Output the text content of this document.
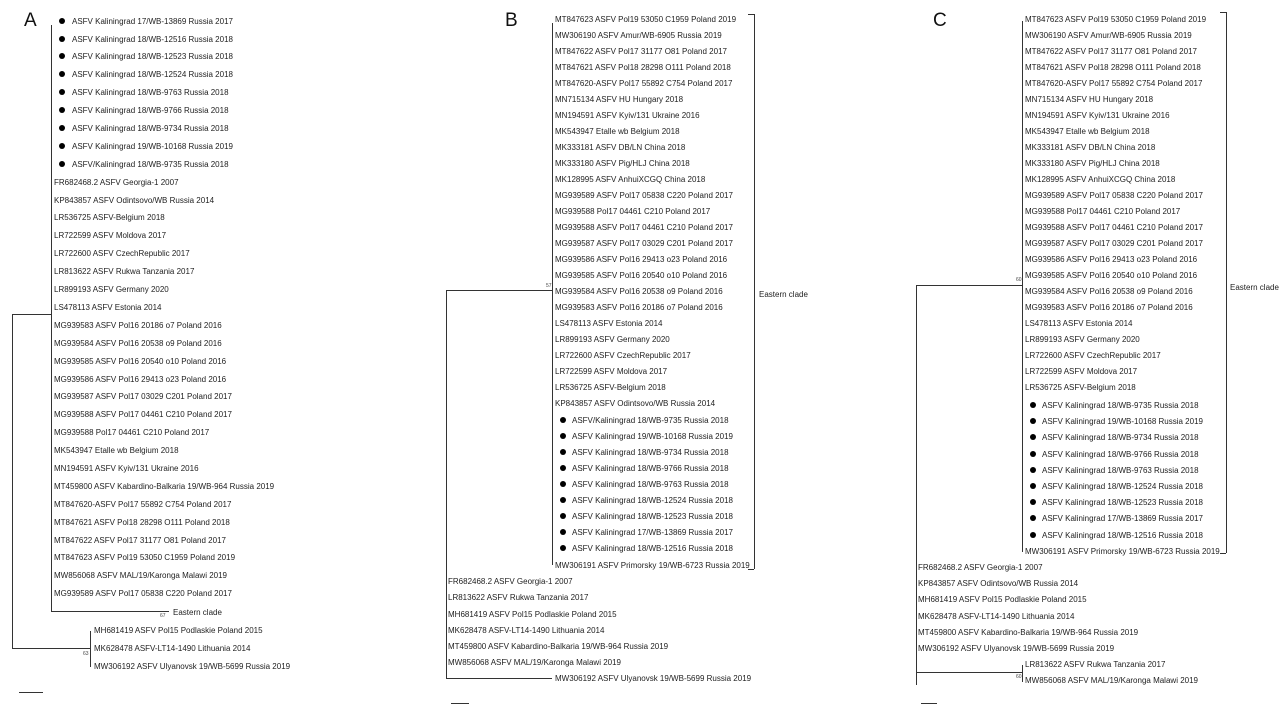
A
67
63
ASFV Kaliningrad 17/WB-13869 Russia 2017
ASFV Kaliningrad 18/WB-12516 Russia 2018
ASFV Kaliningrad 18/WB-12523 Russia 2018
ASFV Kaliningrad 18/WB-12524 Russia 2018
ASFV Kaliningrad 18/WB-9763 Russia 2018
ASFV Kaliningrad 18/WB-9766 Russia 2018
ASFV Kaliningrad 18/WB-9734 Russia 2018
ASFV Kaliningrad 19/WB-10168 Russia 2019
ASFV/Kaliningrad 18/WB-9735 Russia 2018
FR682468.2 ASFV Georgia-1 2007
KP843857 ASFV Odintsovo/WB Russia 2014
LR536725 ASFV-Belgium 2018
LR722599 ASFV Moldova 2017
LR722600 ASFV CzechRepublic 2017
LR813622 ASFV Rukwa Tanzania 2017
LR899193 ASFV Germany 2020
LS478113 ASFV Estonia 2014
MG939583 ASFV Pol16 20186 o7 Poland 2016
MG939584 ASFV Pol16 20538 o9 Poland 2016
MG939585 ASFV Pol16 20540 o10 Poland 2016
MG939586 ASFV Pol16 29413 o23 Poland 2016
MG939587 ASFV Pol17 03029 C201 Poland 2017
MG939588 ASFV Pol17 04461 C210 Poland 2017
MG939588 Pol17 04461 C210 Poland 2017
MK543947 Etalle wb Belgium 2018
MN194591 ASFV Kyiv/131 Ukraine 2016
MT459800 ASFV Kabardino-Balkaria 19/WB-964 Russia 2019
MT847620-ASFV Pol17 55892 C754 Poland 2017
MT847621 ASFV Pol18 28298 O111 Poland 2018
MT847622 ASFV Pol17 31177 O81 Poland 2017
MT847623 ASFV Pol19 53050 C1959 Poland 2019
MW856068 ASFV MAL/19/Karonga Malawi 2019
MG939589 ASFV Pol17 05838 C220 Poland 2017
Eastern clade
MH681419 ASFV Pol15 Podlaskie Poland 2015
MK628478 ASFV-LT14-1490 Lithuania 2014
MW306192 ASFV Ulyanovsk 19/WB-5699 Russia 2019
B
57
Eastern clade
MT847623 ASFV Pol19 53050 C1959 Poland 2019
MW306190 ASFV Amur/WB-6905 Russia 2019
MT847622 ASFV Pol17 31177 O81 Poland 2017
MT847621 ASFV Pol18 28298 O111 Poland 2018
MT847620-ASFV Pol17 55892 C754 Poland 2017
MN715134 ASFV HU Hungary 2018
MN194591 ASFV Kyiv/131 Ukraine 2016
MK543947 Etalle wb Belgium 2018
MK333181 ASFV DB/LN China 2018
MK333180 ASFV Pig/HLJ China 2018
MK128995 ASFV AnhuiXCGQ China 2018
MG939589 ASFV Pol17 05838 C220 Poland 2017
MG939588 Pol17 04461 C210 Poland 2017
MG939588 ASFV Pol17 04461 C210 Poland 2017
MG939587 ASFV Pol17 03029 C201 Poland 2017
MG939586 ASFV Pol16 29413 o23 Poland 2016
MG939585 ASFV Pol16 20540 o10 Poland 2016
MG939584 ASFV Pol16 20538 o9 Poland 2016
MG939583 ASFV Pol16 20186 o7 Poland 2016
LS478113 ASFV Estonia 2014
LR899193 ASFV Germany 2020
LR722600 ASFV CzechRepublic 2017
LR722599 ASFV Moldova 2017
LR536725 ASFV-Belgium 2018
KP843857 ASFV Odintsovo/WB Russia 2014
ASFV/Kaliningrad 18/WB-9735 Russia 2018
ASFV Kaliningrad 19/WB-10168 Russia 2019
ASFV Kaliningrad 18/WB-9734 Russia 2018
ASFV Kaliningrad 18/WB-9766 Russia 2018
ASFV Kaliningrad 18/WB-9763 Russia 2018
ASFV Kaliningrad 18/WB-12524 Russia 2018
ASFV Kaliningrad 18/WB-12523 Russia 2018
ASFV Kaliningrad 17/WB-13869 Russia 2017
ASFV Kaliningrad 18/WB-12516 Russia 2018
MW306191 ASFV Primorsky 19/WB-6723 Russia 2019
FR682468.2 ASFV Georgia-1 2007
LR813622 ASFV Rukwa Tanzania 2017
MH681419 ASFV Pol15 Podlaskie Poland 2015
MK628478 ASFV-LT14-1490 Lithuania 2014
MT459800 ASFV Kabardino-Balkaria 19/WB-964 Russia 2019
MW856068 ASFV MAL/19/Karonga Malawi 2019
MW306192 ASFV Ulyanovsk 19/WB-5699 Russia 2019
C
60
60
Eastern clade
MT847623 ASFV Pol19 53050 C1959 Poland 2019
MW306190 ASFV Amur/WB-6905 Russia 2019
MT847622 ASFV Pol17 31177 O81 Poland 2017
MT847621 ASFV Pol18 28298 O111 Poland 2018
MT847620-ASFV Pol17 55892 C754 Poland 2017
MN715134 ASFV HU Hungary 2018
MN194591 ASFV Kyiv/131 Ukraine 2016
MK543947 Etalle wb Belgium 2018
MK333181 ASFV DB/LN China 2018
MK333180 ASFV Pig/HLJ China 2018
MK128995 ASFV AnhuiXCGQ China 2018
MG939589 ASFV Pol17 05838 C220 Poland 2017
MG939588 Pol17 04461 C210 Poland 2017
MG939588 ASFV Pol17 04461 C210 Poland 2017
MG939587 ASFV Pol17 03029 C201 Poland 2017
MG939586 ASFV Pol16 29413 o23 Poland 2016
MG939585 ASFV Pol16 20540 o10 Poland 2016
MG939584 ASFV Pol16 20538 o9 Poland 2016
MG939583 ASFV Pol16 20186 o7 Poland 2016
LS478113 ASFV Estonia 2014
LR899193 ASFV Germany 2020
LR722600 ASFV CzechRepublic 2017
LR722599 ASFV Moldova 2017
LR536725 ASFV-Belgium 2018
ASFV Kaliningrad 18/WB-9735 Russia 2018
ASFV Kaliningrad 19/WB-10168 Russia 2019
ASFV Kaliningrad 18/WB-9734 Russia 2018
ASFV Kaliningrad 18/WB-9766 Russia 2018
ASFV Kaliningrad 18/WB-9763 Russia 2018
ASFV Kaliningrad 18/WB-12524 Russia 2018
ASFV Kaliningrad 18/WB-12523 Russia 2018
ASFV Kaliningrad 17/WB-13869 Russia 2017
ASFV Kaliningrad 18/WB-12516 Russia 2018
MW306191 ASFV Primorsky 19/WB-6723 Russia 2019
FR682468.2 ASFV Georgia-1 2007
KP843857 ASFV Odintsovo/WB Russia 2014
MH681419 ASFV Pol15 Podlaskie Poland 2015
MK628478 ASFV-LT14-1490 Lithuania 2014
MT459800 ASFV Kabardino-Balkaria 19/WB-964 Russia 2019
MW306192 ASFV Ulyanovsk 19/WB-5699 Russia 2019
LR813622 ASFV Rukwa Tanzania 2017
MW856068 ASFV MAL/19/Karonga Malawi 2019
